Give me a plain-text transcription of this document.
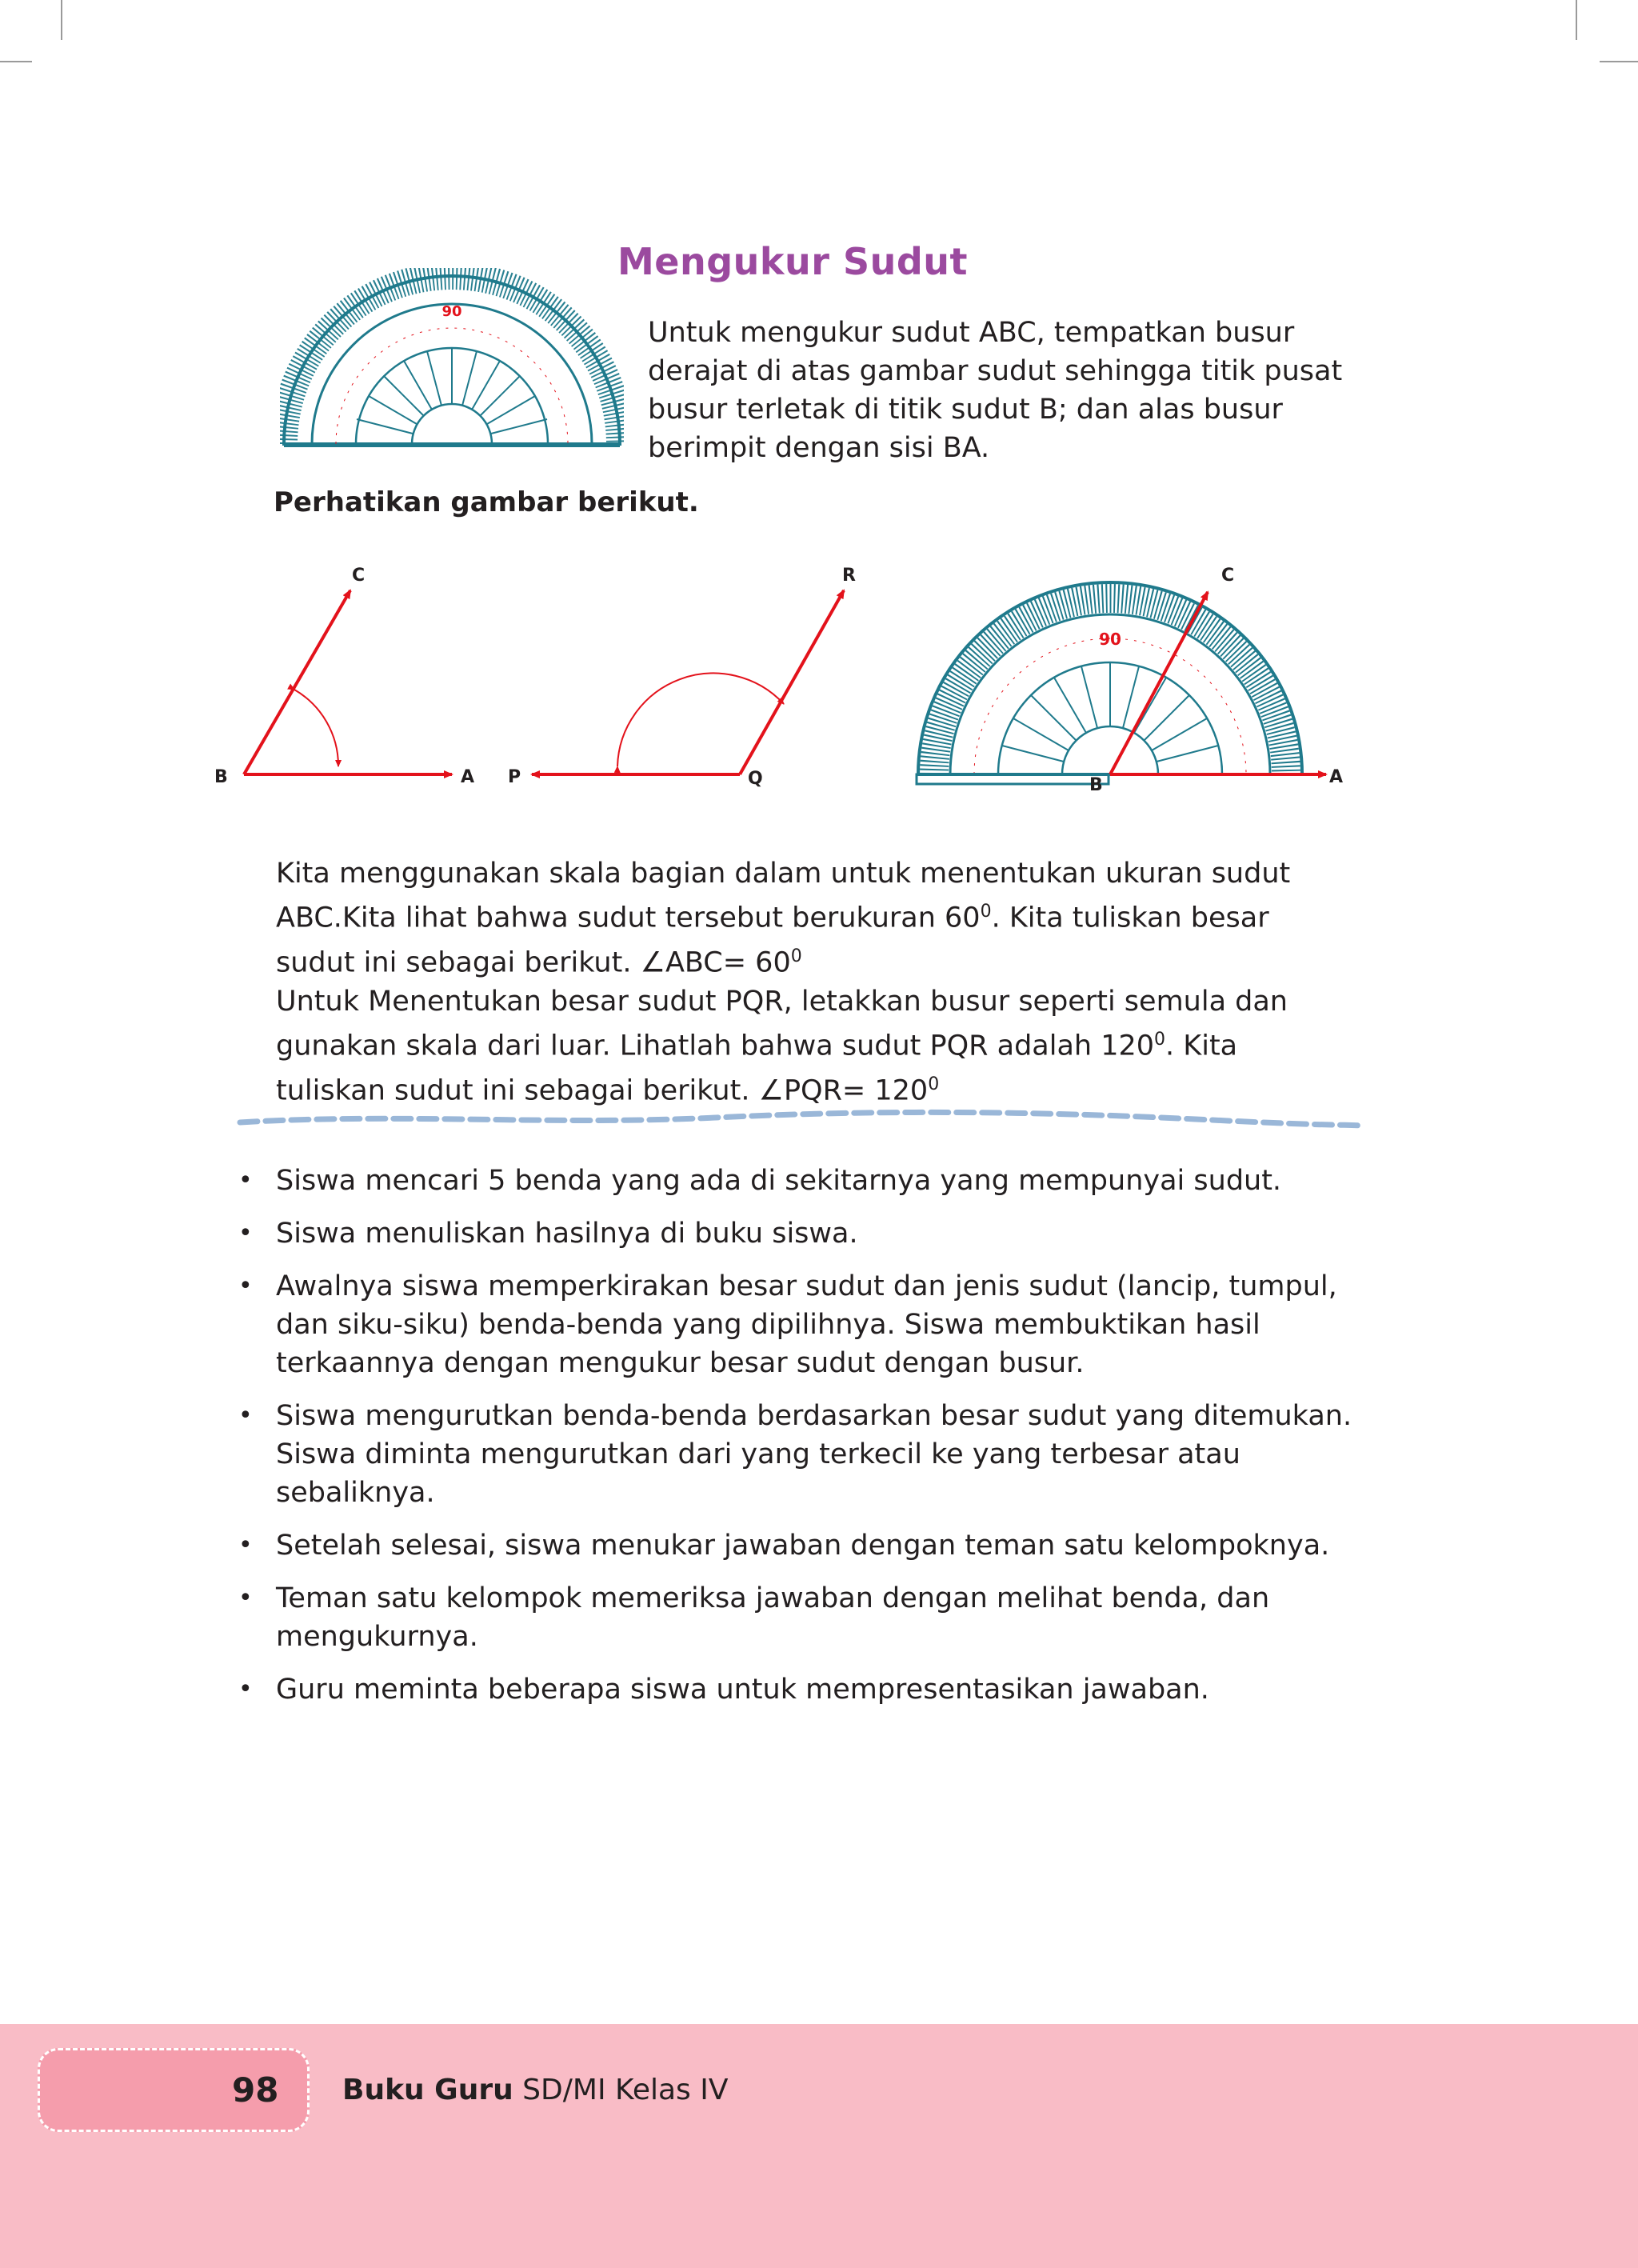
Mengukur Sudut
90

Untuk mengukur sudut ABC, tempatkan busur derajat di atas gambar sudut sehingga titik pusat busur terletak di titik sudut B; dan alas busur berimpit dengan sisi BA.

Perhatikan gambar berikut.

B	A
C
P	Q
R
90
C
A
B

Kita menggunakan skala bagian dalam untuk menentukan ukuran sudut
ABC.Kita lihat bahwa sudut tersebut berukuran $60^0$. Kita tuliskan besar
sudut ini sebagai berikut. ∠ABC= $60^0$

Untuk Menentukan besar sudut PQR, letakkan busur seperti semula dan
gunakan skala dari luar. Lihatlah bahwa sudut PQR adalah $120^0$. Kita
tuliskan sudut ini sebagai berikut. ∠PQR= $120^0$

• Siswa mencari 5 benda yang ada di sekitarnya yang mempunyai sudut.
• Siswa menuliskan hasilnya di buku siswa.
• Awalnya siswa memperkirakan besar sudut dan jenis sudut (lancip, tumpul, dan siku-siku) benda-benda yang dipilihnya. Siswa membuktikan hasil terkaannya dengan mengukur besar sudut dengan busur.
• Siswa mengurutkan benda-benda berdasarkan besar sudut yang ditemukan. Siswa diminta mengurutkan dari yang terkecil ke yang terbesar atau sebaliknya.
• Setelah selesai, siswa menukar jawaban dengan teman satu kelompoknya.
• Teman satu kelompok memeriksa jawaban dengan melihat benda, dan mengukurnya.
• Guru meminta beberapa siswa untuk mempresentasikan jawaban.

98 Buku Guru SD/MI Kelas IV
